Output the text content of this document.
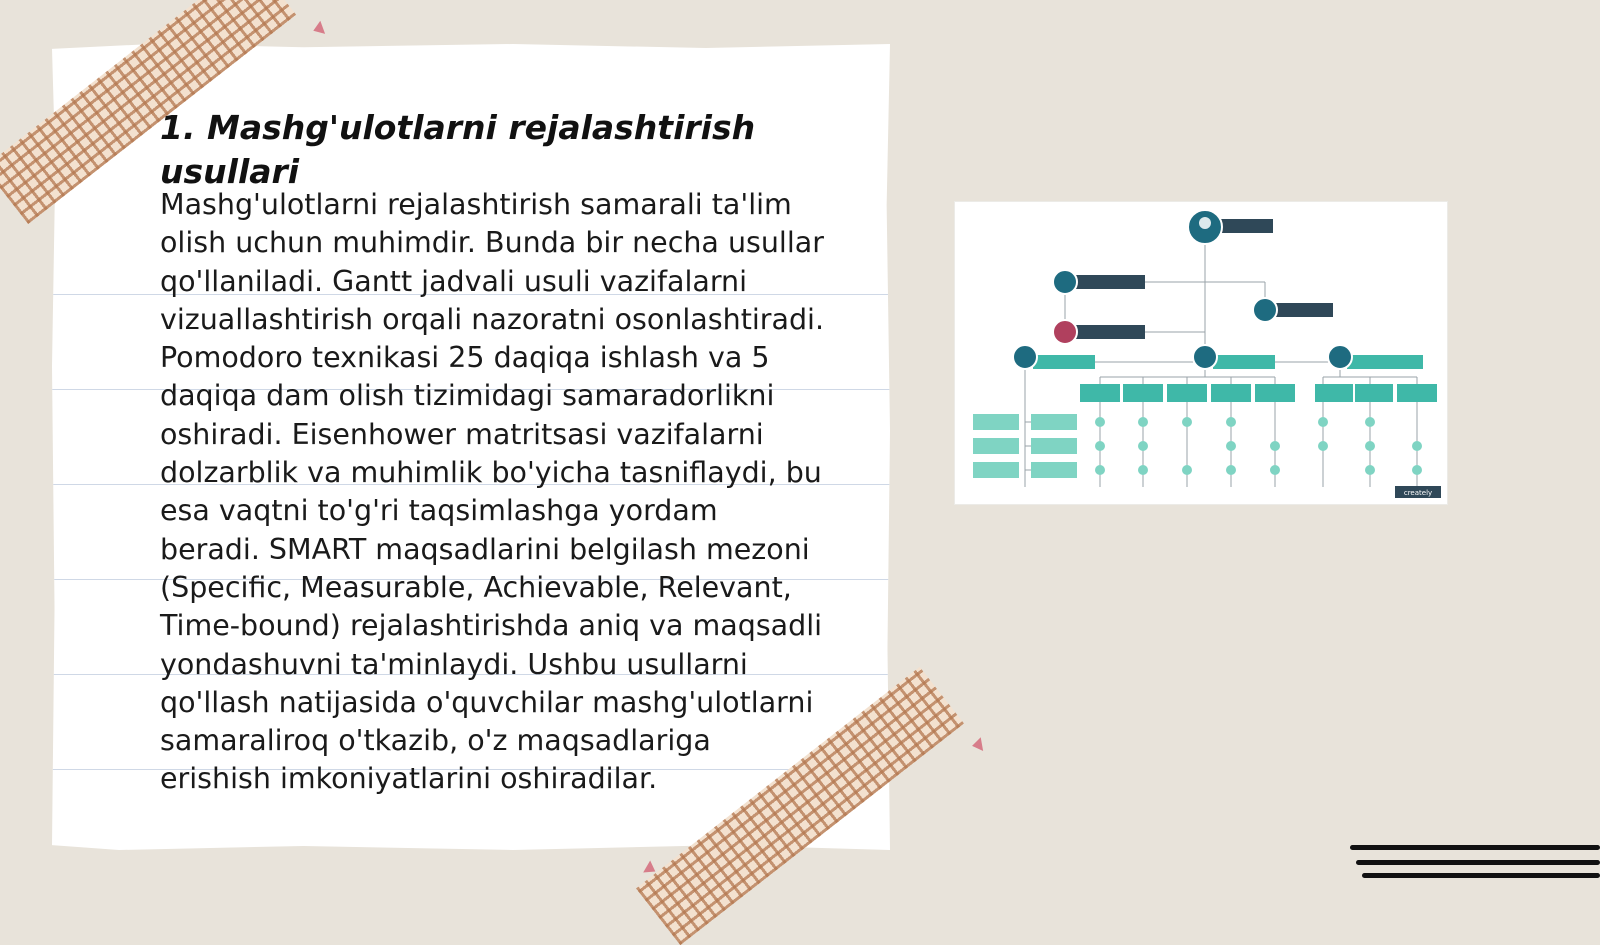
1. Mashg'ulotlarni rejalashtirish usullari

Mashg'ulotlarni rejalashtirish samarali ta'lim olish uchun muhimdir. Bunda bir necha usullar qo'llaniladi. Gantt jadvali usuli vazifalarni vizuallashtirish orqali nazoratni osonlashtiradi. Pomodoro texnikasi 25 daqiqa ishlash va 5 daqiqa dam olish tizimidagi samaradorlikni oshiradi. Eisenhower matritsasi vazifalarni dolzarblik va muhimlik bo'yicha tasniflaydi, bu esa vaqtni to'g'ri taqsimlashga yordam beradi. SMART maqsadlarini belgilash mezoni (Specific, Measurable, Achievable, Relevant, Time-bound) rejalashtirishda aniq va maqsadli yondashuvni ta'minlaydi. Ushbu usullarni qo'llash natijasida o'quvchilar mashg'ulotlarni samaraliroq o'tkazib, o'z maqsadlariga erishish imkoniyatlarini oshiradilar.

creately
